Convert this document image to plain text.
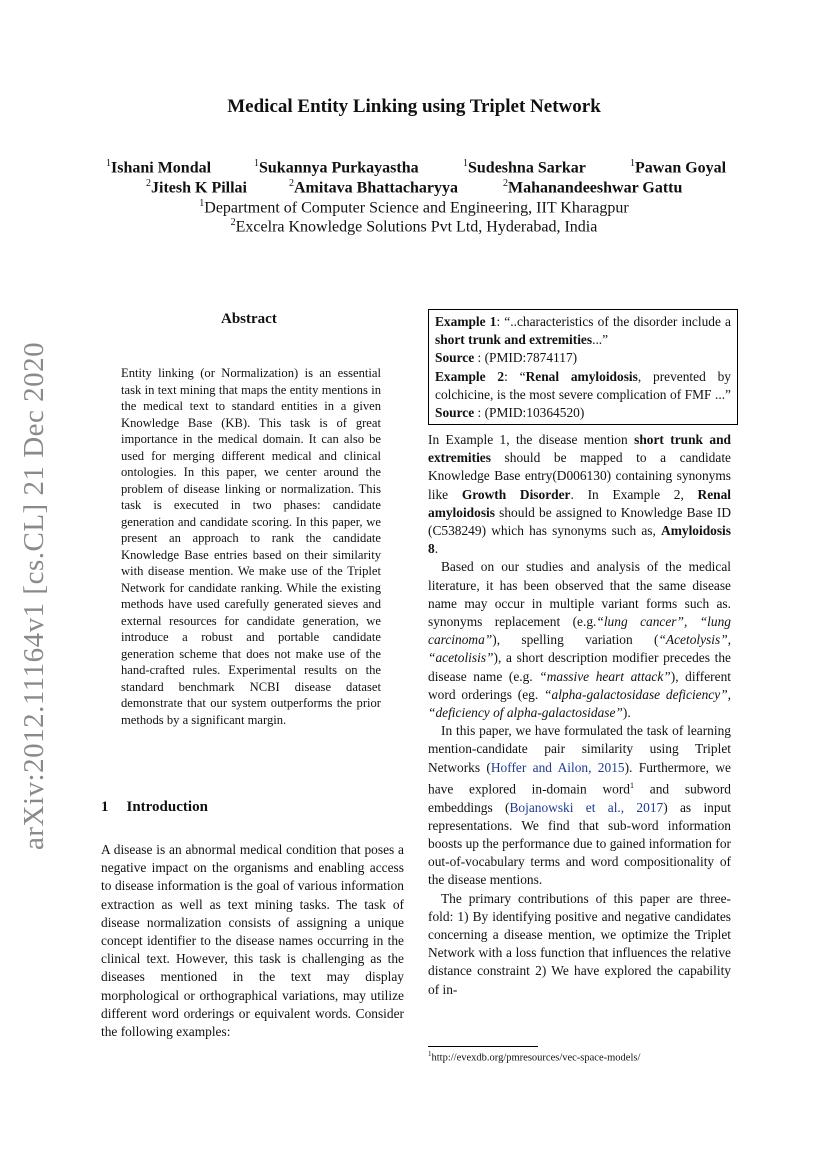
arXiv:2012.11164v1 [cs.CL] 21 Dec 2020
Medical Entity Linking using Triplet Network
$^1$Ishani Mondal	$^1$Sukannya Purkayastha	$^1$Sudeshna Sarkar	$^1$Pawan Goyal
$^2$Jitesh K Pillai	$^2$Amitava Bhattacharyya	$^2$Mahanandeeshwar Gattu
$^1$Department of Computer Science and Engineering, IIT Kharagpur
$^2$Excelra Knowledge Solutions Pvt Ltd, Hyderabad, India
Abstract
Entity linking (or Normalization) is an essential task in text mining that maps the entity mentions in the medical text to standard entities in a given Knowledge Base (KB). This task is of great importance in the medical domain. It can also be used for merging different medical and clinical ontologies. In this paper, we center around the problem of disease linking or normalization. This task is executed in two phases: candidate generation and candidate scoring. In this paper, we present an approach to rank the candidate Knowledge Base entries based on their similarity with disease mention. We make use of the Triplet Network for candidate ranking. While the existing methods have used carefully generated sieves and external resources for candidate generation, we introduce a robust and portable candidate generation scheme that does not make use of the hand-crafted rules. Experimental results on the standard benchmark NCBI disease dataset demonstrate that our system outperforms the prior methods by a significant margin.
1 Introduction

A disease is an abnormal medical condition that poses a negative impact on the organisms and enabling access to disease information is the goal of various information extraction as well as text mining tasks. The task of disease normalization consists of assigning a unique concept identifier to the disease names occurring in the clinical text. However, this task is challenging as the diseases mentioned in the text may display morphological or orthographical variations, may utilize different word orderings or equivalent words. Consider the following examples:

Example 1: “..characteristics of the disorder include a short trunk and extremities...”
Source : (PMID:7874117)
Example 2: “Renal amyloidosis, prevented by colchicine, is the most severe complication of FMF ...” Source : (PMID:10364520)

In Example 1, the disease mention short trunk and extremities should be mapped to a candidate Knowledge Base entry(D006130) containing synonyms like Growth Disorder. In Example 2, Renal amyloidosis should be assigned to Knowledge Base ID (C538249) which has synonyms such as, Amyloidosis 8.

Based on our studies and analysis of the medical literature, it has been observed that the same disease name may occur in multiple variant forms such as. synonyms replacement (e.g.“lung cancer”, “lung carcinoma”), spelling variation (“Acetolysis”, “acetolisis”), a short description modifier precedes the disease name (e.g. “massive heart attack”), different word orderings (eg. “alpha-galactosidase deficiency”, “deficiency of alpha-galactosidase”).

In this paper, we have formulated the task of learning mention-candidate pair similarity using Triplet Networks (Hoffer and Ailon, 2015). Furthermore, we have explored in-domain word$^1$ and subword embeddings (Bojanowski et al., 2017) as input representations. We find that sub-word information boosts up the performance due to gained information for out-of-vocabulary terms and word compositionality of the disease mentions.

The primary contributions of this paper are three-fold: 1) By identifying positive and negative candidates concerning a disease mention, we optimize the Triplet Network with a loss function that influences the relative distance constraint 2) We have explored the capability of in-

$^1$http://evexdb.org/pmresources/vec-space-models/
